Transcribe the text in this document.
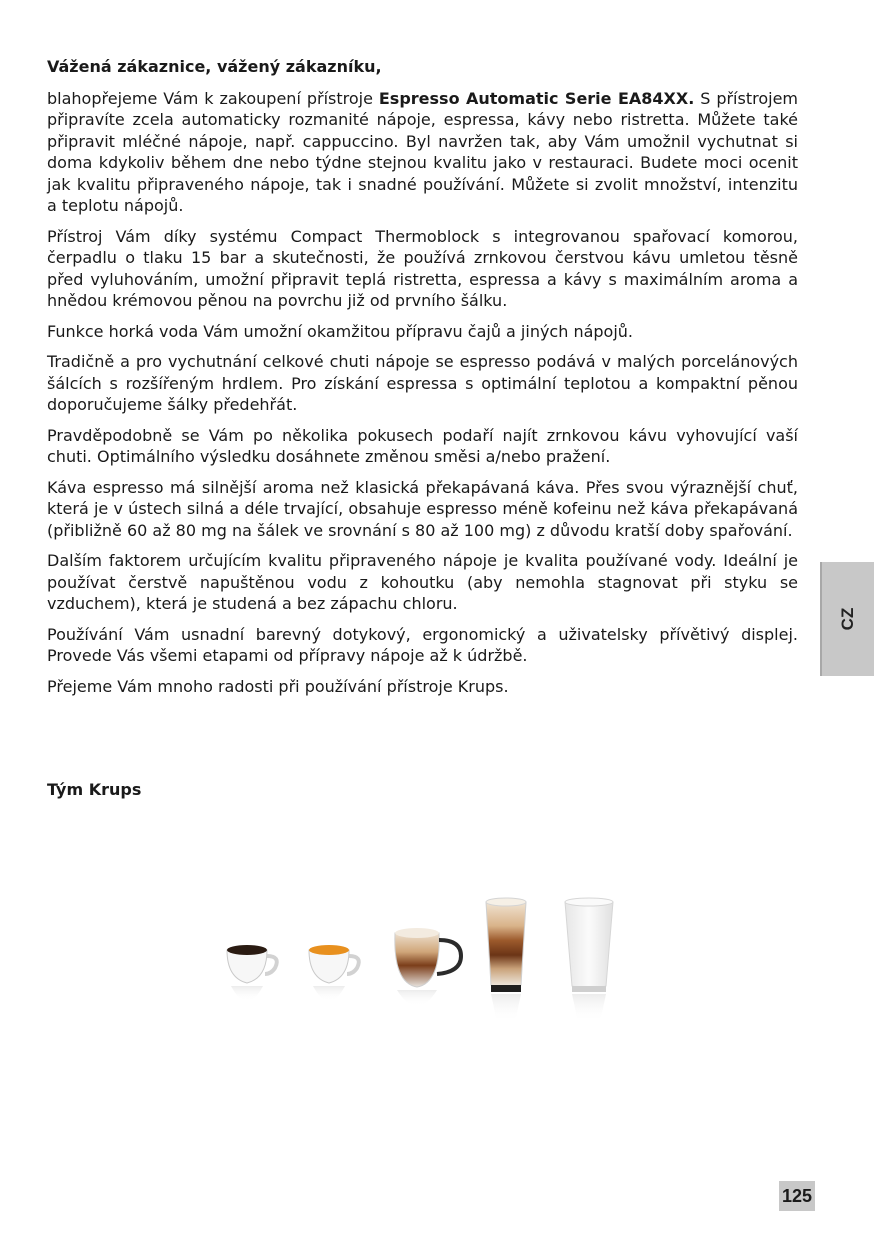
Vážená zákaznice, vážený zákazníku,

blahopřejeme Vám k zakoupení přístroje Espresso Automatic Serie EA84XX. S přístrojem připravíte zcela automaticky rozmanité nápoje, espressa, kávy nebo ristretta. Můžete také připravit mléčné nápoje, např. cappuccino. Byl navržen tak, aby Vám umožnil vychutnat si doma kdykoliv během dne nebo týdne stejnou kvalitu jako v restauraci. Budete moci ocenit jak kvalitu připraveného nápoje, tak i snadné používání. Můžete si zvolit množství, intenzitu a teplotu nápojů.

Přístroj Vám díky systému Compact Thermoblock s integrovanou spařovací komorou, čerpadlu o tlaku 15 bar a skutečnosti, že používá zrnkovou čerstvou kávu umletou těsně před vyluhováním, umožní připravit teplá ristretta, espressa a kávy s maximálním aroma a hnědou krémovou pěnou na povrchu již od prvního šálku.

Funkce horká voda Vám umožní okamžitou přípravu čajů a jiných nápojů.

Tradičně a pro vychutnání celkové chuti nápoje se espresso podává v malých porcelánových šálcích s rozšířeným hrdlem. Pro získání espressa s optimální teplotou a kompaktní pěnou doporučujeme šálky předehřát.

Pravděpodobně se Vám po několika pokusech podaří najít zrnkovou kávu vyhovující vaší chuti. Optimálního výsledku dosáhnete změnou směsi a/nebo pražení.

Káva espresso má silnější aroma než klasická překapávaná káva. Přes svou výraznější chuť, která je v ústech silná a déle trvající, obsahuje espresso méně kofeinu než káva překapávaná (přibližně 60 až 80 mg na šálek ve srovnání s 80 až 100 mg) z důvodu kratší doby spařování.

Dalším faktorem určujícím kvalitu připraveného nápoje je kvalita používané vody. Ideální je používat čerstvě napuštěnou vodu z kohoutku (aby nemohla stagnovat při styku se vzduchem), která je studená a bez zápachu chloru.

Používání Vám usnadní barevný dotykový, ergonomický a uživatelsky přívětivý displej. Provede Vás všemi etapami od přípravy nápoje až k údržbě.

Přejeme Vám mnoho radosti při používání přístroje Krups.

Tým Krups

CZ
125
